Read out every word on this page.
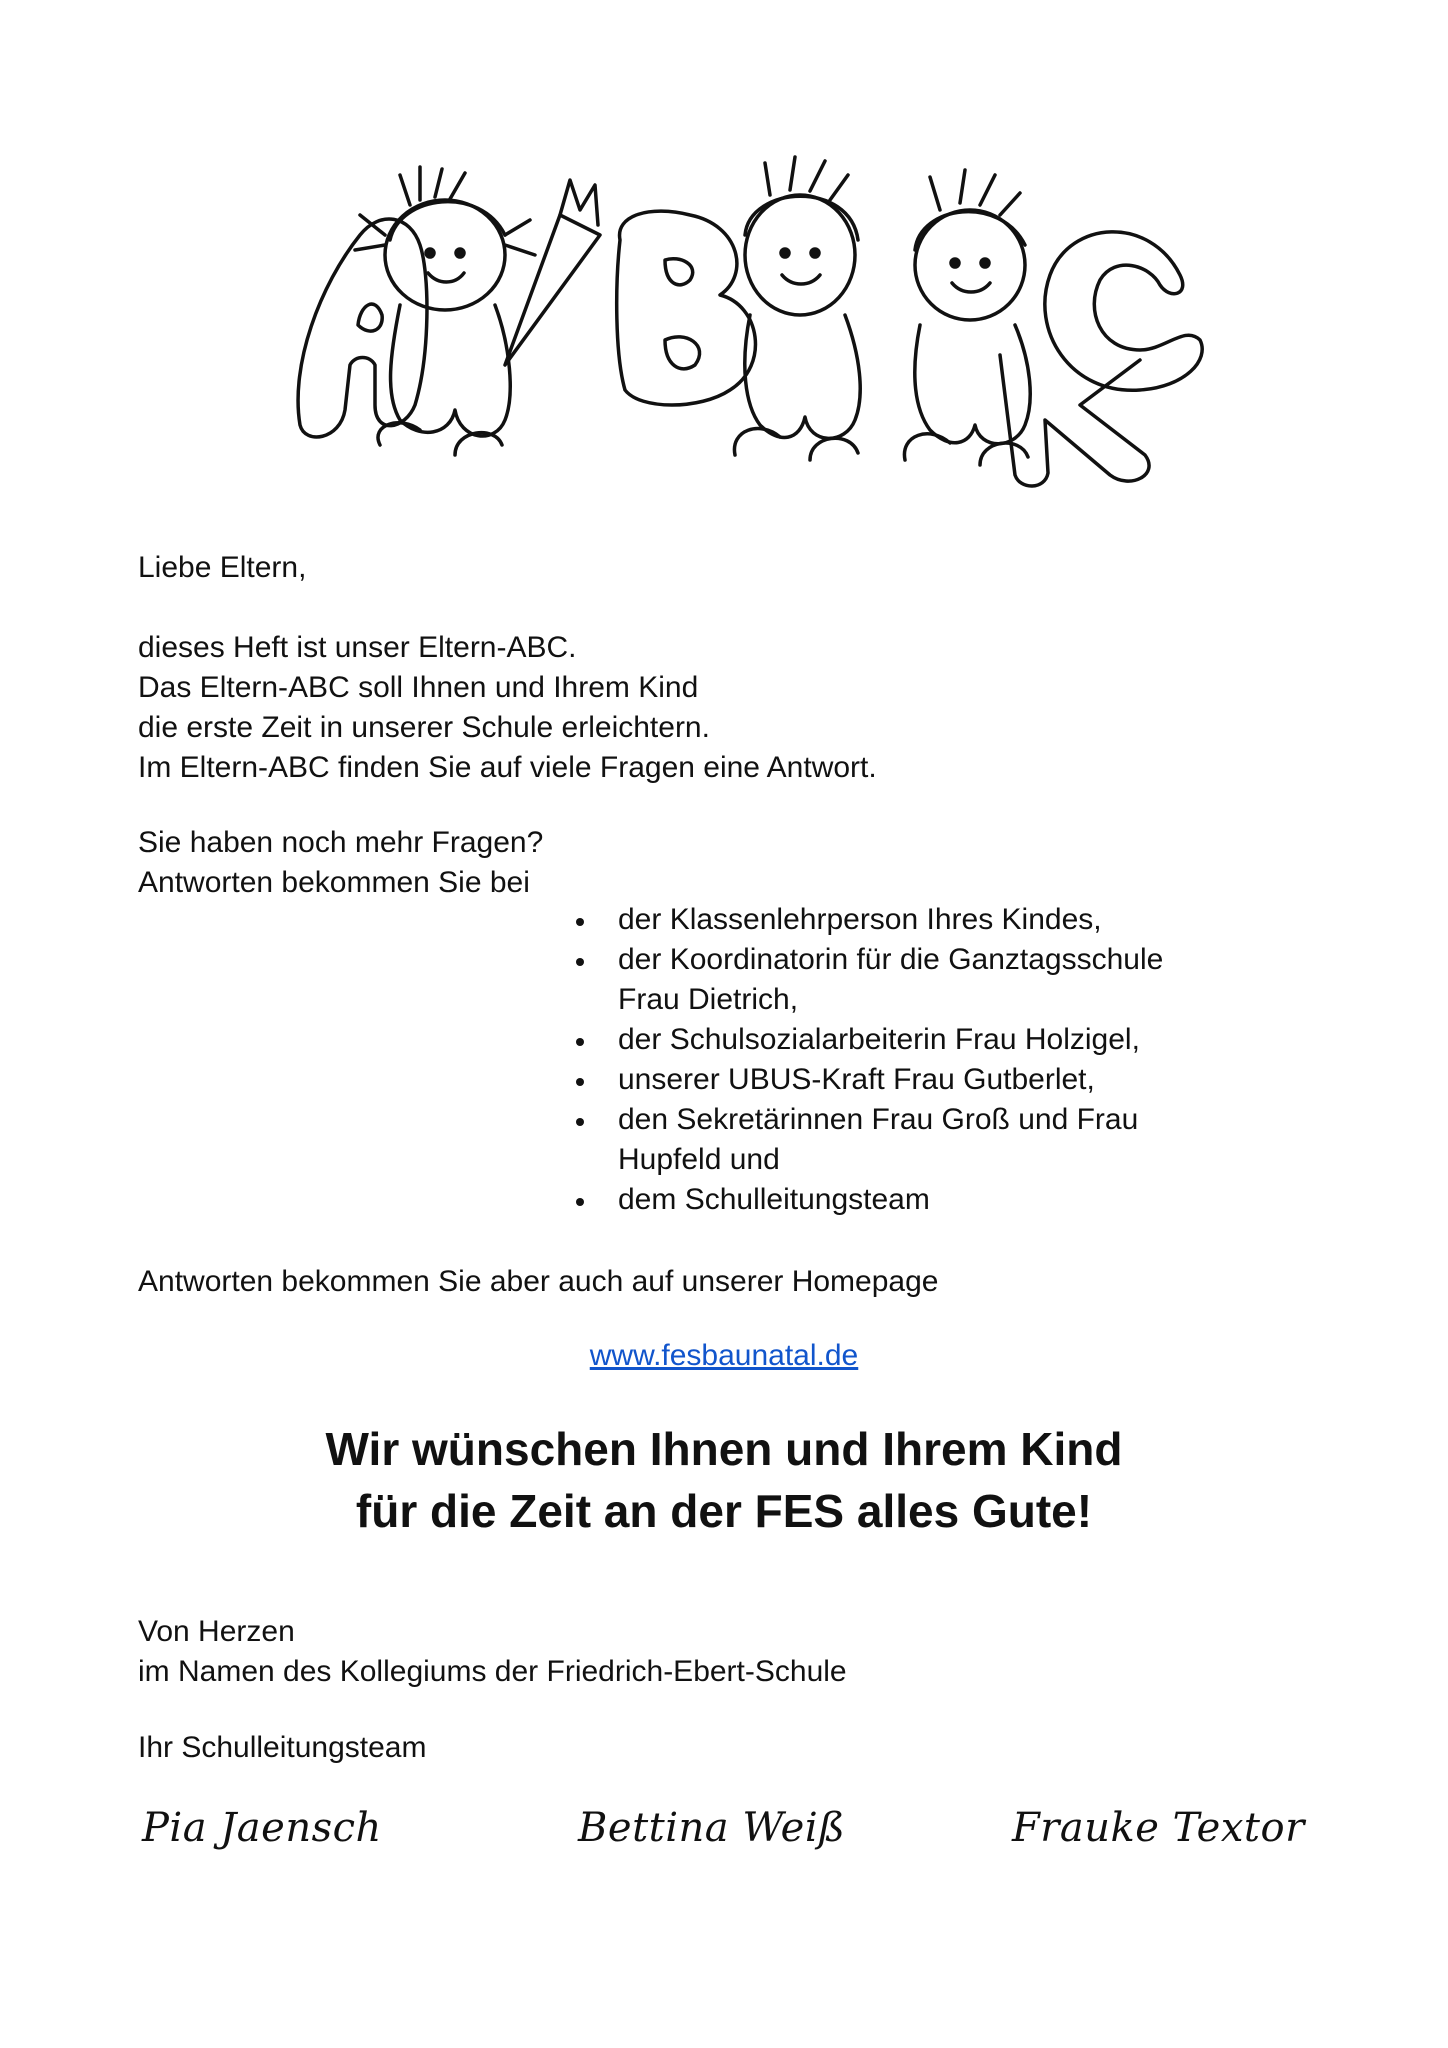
Liebe Eltern,

dieses Heft ist unser Eltern-ABC.
Das Eltern-ABC soll Ihnen und Ihrem Kind
die erste Zeit in unserer Schule erleichtern.
Im Eltern-ABC finden Sie auf viele Fragen eine Antwort.
Sie haben noch mehr Fragen?
Antworten bekommen Sie bei
der Klassenlehrperson Ihres Kindes,
der Koordinatorin für die Ganztagsschule
Frau Dietrich,
der Schulsozialarbeiterin Frau Holzigel,
unserer UBUS-Kraft Frau Gutberlet,
den Sekretärinnen Frau Groß und Frau
Hupfeld und
dem Schulleitungsteam

Antworten bekommen Sie aber auch auf unserer Homepage

www.fesbaunatal.de
Wir wünschen Ihnen und Ihrem Kind
für die Zeit an der FES alles Gute!
Von Herzen
im Namen des Kollegiums der Friedrich-Ebert-Schule

Ihr Schulleitungsteam

Pia Jaensch	Bettina Weiß	Frauke Textor
